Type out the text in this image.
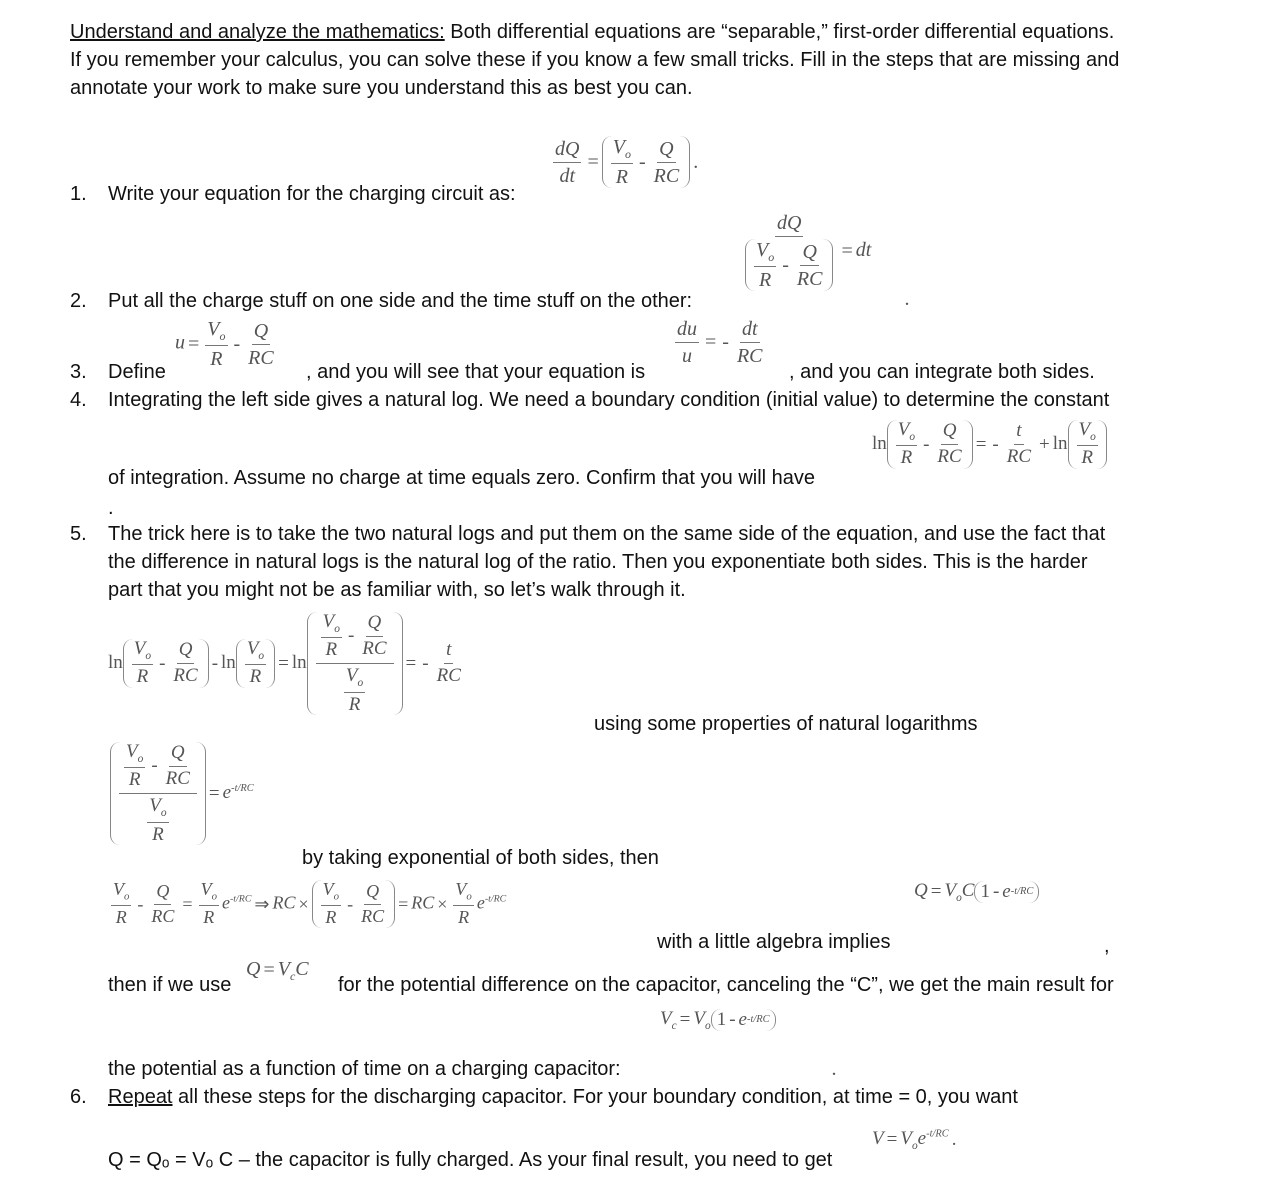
Understand and analyze the mathematics: Both differential equations are “separable,” first-order differential equations.
If you remember your calculus, you can solve these if you know a few small tricks. Fill in the steps that are missing and
annotate your work to make sure you understand this as best you can.
1.	Write your equation for the charging circuit as:
$\frac{dQ}{dt} = \frac{V_o}{R} - \frac{Q}{RC}$ .
2.	Put all the charge stuff on one side and the time stuff on the other:
$\frac{dQ}{\frac{V_o}{R} - \frac{Q}{RC}}$ = dt
.
3.	Define
$u = \frac{V_o}{R} - \frac{Q}{RC}$
, and you will see that your equation is
$\frac{du}{u}$ = - $\frac{dt}{RC}$
, and you can integrate both sides.
4.	Integrating the left side gives a natural log. We need a boundary condition (initial value) to determine the constant
of integration. Assume no charge at time equals zero. Confirm that you will have
$\ln \frac{V_o}{R} - \frac{Q}{RC}$ = - $\frac{t}{RC} + \ln \frac{V_o}{R}$
.
5.	The trick here is to take the two natural logs and put them on the same side of the equation, and use the fact that
the difference in natural logs is the natural log of the ratio. Then you exponentiate both sides. This is the harder
part that you might not be as familiar with, so let’s walk through it.
$\ln \frac{V_o}{R} - \frac{Q}{RC} - \ln \frac{V_o}{R} = \ln \frac{\frac{V_o}{R} - \frac{Q}{RC}}{\frac{V_o}{R}}$ = - $\frac{t}{RC}$
using some properties of natural logarithms
$\frac{\frac{V_o}{R} - \frac{Q}{RC}}{\frac{V_o}{R}} = e^{-t/RC}$
by taking exponential of both sides, then
$\frac{V_o}{R} - \frac{Q}{RC} = \frac{V_o}{R} e^{-t/RC}$ ⇒ RC × $\frac{V_o}{R} - \frac{Q}{RC}$ = RC × $\frac{V_o}{R} e^{-t/RC}$
with a little algebra implies
$Q = V_oC$ 1 - e -t/RC
,
then if we use
$Q = V_cC$
for the potential difference on the capacitor, canceling the “C”, we get the main result for
$V_c = V_o$ 1 - e -t/RC
the potential as a function of time on a charging capacitor:	.
6.	Repeat all these steps for the discharging capacitor. For your boundary condition, at time = 0, you want
Q = Qₒ = Vₒ C – the capacitor is fully charged. As your final result, you need to get
$V = V_oe^{-t/RC}$ .
